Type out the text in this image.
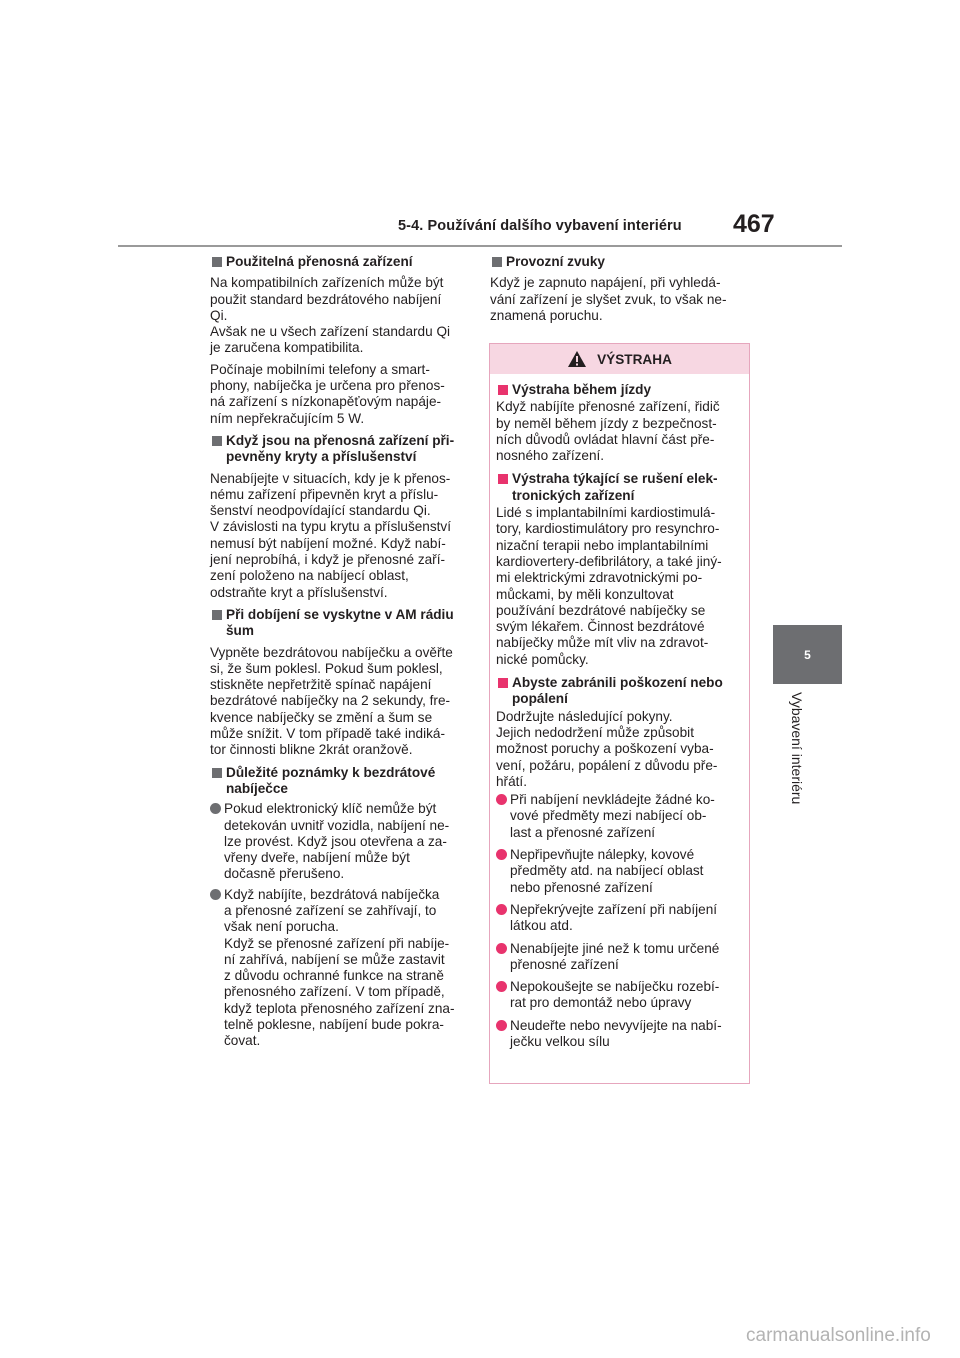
5-4. Používání dalšího vybavení interiéru 467
5
Vybavení interiéru
Použitelná přenosná zařízení
Na kompatibilních zařízeních může být
použit standard bezdrátového nabíjení
Qi.
Avšak ne u všech zařízení standardu Qi
je zaručena kompatibilita.
Počínaje mobilními telefony a smart-
phony, nabíječka je určena pro přenos-
ná zařízení s nízkonapěťovým napáje-
ním nepřekračujícím 5 W.
Když jsou na přenosná zařízení při-
pevněny kryty a příslušenství
Nenabíjejte v situacích, kdy je k přenos-
nému zařízení připevněn kryt a příslu-
šenství neodpovídající standardu Qi.
V závislosti na typu krytu a příslušenství
nemusí být nabíjení možné. Když nabí-
jení neprobíhá, i když je přenosné zaří-
zení položeno na nabíjecí oblast,
odstraňte kryt a příslušenství.
Při dobíjení se vyskytne v AM rádiu
šum
Vypněte bezdrátovou nabíječku a ověřte
si, že šum poklesl. Pokud šum poklesl,
stiskněte nepřetržitě spínač napájení
bezdrátové nabíječky na 2 sekundy, fre-
kvence nabíječky se změní a šum se
může snížit. V tom případě také indiká-
tor činnosti blikne 2krát oranžově.
Důležité poznámky k bezdrátové
nabíječce
Pokud elektronický klíč nemůže být
detekován uvnitř vozidla, nabíjení ne-
lze provést. Když jsou otevřena a za-
vřeny dveře, nabíjení může být
dočasně přerušeno.
Když nabíjíte, bezdrátová nabíječka
a přenosné zařízení se zahřívají, to
však není porucha.
Když se přenosné zařízení při nabíje-
ní zahřívá, nabíjení se může zastavit
z důvodu ochranné funkce na straně
přenosného zařízení. V tom případě,
když teplota přenosného zařízení zna-
telně poklesne, nabíjení bude pokra-
čovat.
Provozní zvuky
Když je zapnuto napájení, při vyhledá-
vání zařízení je slyšet zvuk, to však ne-
znamená poruchu.
VÝSTRAHA
Výstraha během jízdy
Když nabíjíte přenosné zařízení, řidič
by neměl během jízdy z bezpečnost-
ních důvodů ovládat hlavní část pře-
nosného zařízení.
Výstraha týkající se rušení elek-
tronických zařízení
Lidé s implantabilními kardiostimulá-
tory, kardiostimulátory pro resynchro-
nizační terapii nebo implantabilními
kardiovertery-defibrilátory, a také jiný-
mi elektrickými zdravotnickými po-
můckami, by měli konzultovat
používání bezdrátové nabíječky se
svým lékařem. Činnost bezdrátové
nabíječky může mít vliv na zdravot-
nické pomůcky.
Abyste zabránili poškození nebo
popálení
Dodržujte následující pokyny.
Jejich nedodržení může způsobit
možnost poruchy a poškození vyba-
vení, požáru, popálení z důvodu pře-
hřátí.
Při nabíjení nevkládejte žádné ko-
vové předměty mezi nabíjecí ob-
last a přenosné zařízení
Nepřipevňujte nálepky, kovové
předměty atd. na nabíjecí oblast
nebo přenosné zařízení
Nepřekrývejte zařízení při nabíjení
látkou atd.
Nenabíjejte jiné než k tomu určené
přenosné zařízení
Nepokoušejte se nabíječku rozebí-
rat pro demontáž nebo úpravy
Neudeřte nebo nevyvíjejte na nabí-
ječku velkou sílu
carmanualsonline.info
